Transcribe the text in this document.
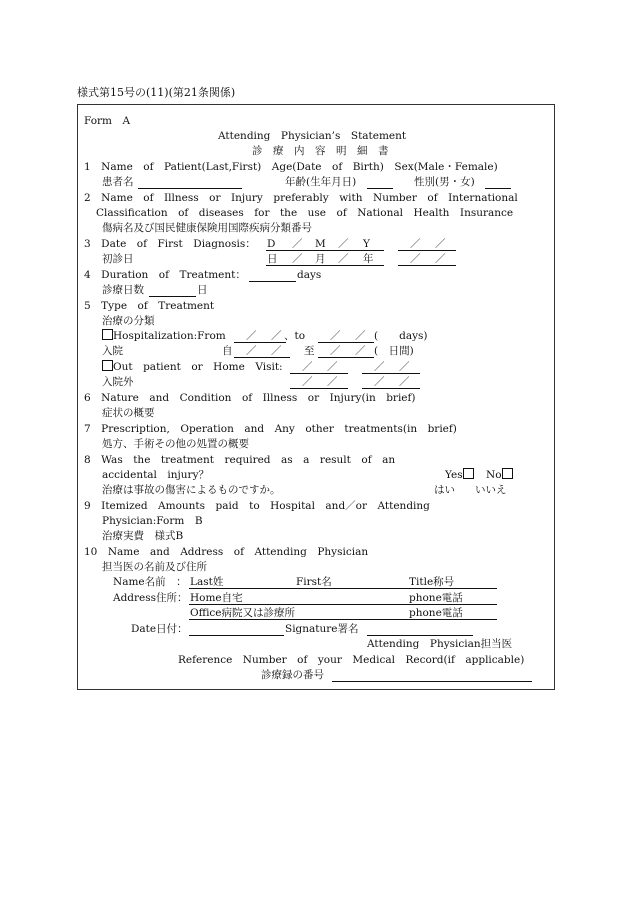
様式第15号の(11)(第21条関係)
Form　A
Attending　Physician’s　Statement
診　療　内　容　明　細　書
1　Name　of　Patient(Last,First)　Age(Date　of　Birth)　Sex(Male・Female)
患者名	年齢(生年月日)	性別(男・女)
2　Name　of　Illness　or　Injury　preferably　with　Number　of　International
Classification　of　diseases　for　the　use　of　National　Health　Insurance
傷病名及び国民健康保険用国際疾病分類番号
3　Date　of　First　Diagnosis： D ／ M ／ Y	／　／
初診日	日 ／ 月 ／ 年	／　／
4　Duration　of　Treatment：	days
診療日数	日
5　Type　of　Treatment
治療の分類
Hospitalization:From ／　／ 、to ／　／ (　　days)
入院	自 ／　／ 至 ／　／ (　日間)
Out　patient　or　Home　Visit: ／　／	／　／
入院外	／　／	／　／
6　Nature　and　Condition　of　Illness　or　Injury(in　brief)
症状の概要
7　Prescription,　Operation　and　Any　other　treatments(in　brief)
処方、手術その他の処置の概要
8　Was　the　treatment　required　as　a　result　of　an
accidental　injury？	Yes	No
治療は事故の傷害によるものですか。	はい いいえ
9　Itemized　Amounts　paid　to　Hospital　and／or　Attending
Physician:Form　B
治療実費　様式B
10　Name　and　Address　of　Attending　Physician
担当医の名前及び住所
Name名前　： Last姓	First名	Title称号
Address住所： Home自宅	phone電話
Office病院又は診療所	phone電話
Date日付：	Signature署名
Attending　Physician担当医
Reference　Number　of　your　Medical　Record(if　applicable)
診療録の番号
